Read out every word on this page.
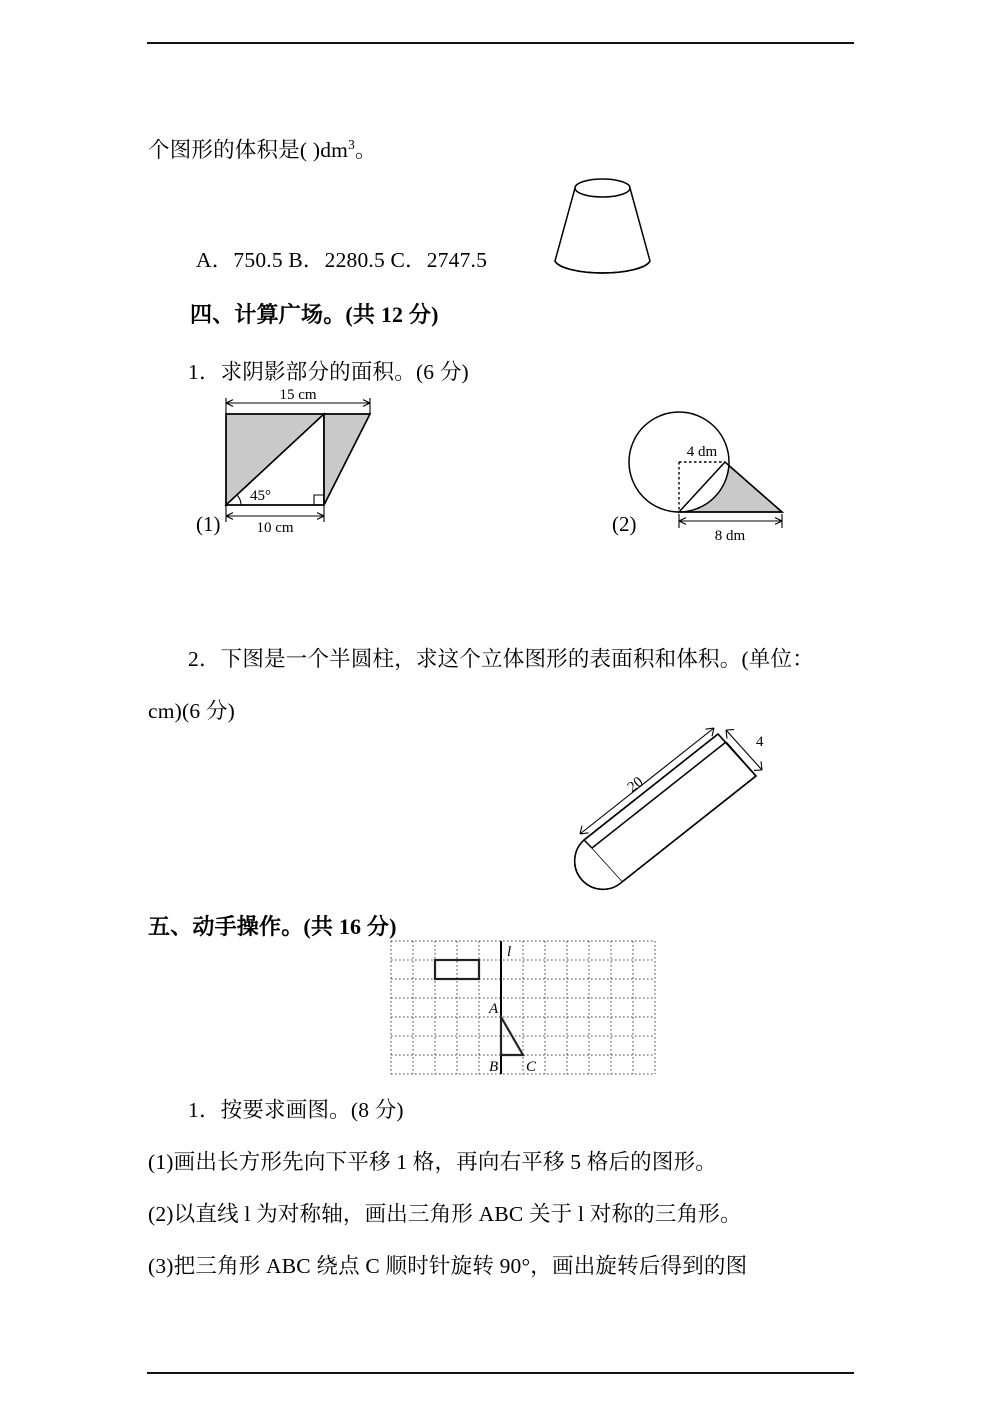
个图形的体积是( )$dm^3$。
A．750.5 B．2280.5 C．2747.5
四、计算广场。(共 12 分)
1．求阴影部分的面积。(6 分)
(1)
15 cm
10 cm
45°
(2)
4 dm
8 dm
2．下图是一个半圆柱，求这个立体图形的表面积和体积。(单位：
cm)(6 分)
20
4
五、动手操作。(共 16 分)
l
A
B C
1．按要求画图。(8 分)
(1)画出长方形先向下平移 1 格，再向右平移 5 格后的图形。
(2)以直线 l 为对称轴，画出三角形 ABC 关于 l 对称的三角形。
(3)把三角形 ABC 绕点 C 顺时针旋转 90°，画出旋转后得到的图
